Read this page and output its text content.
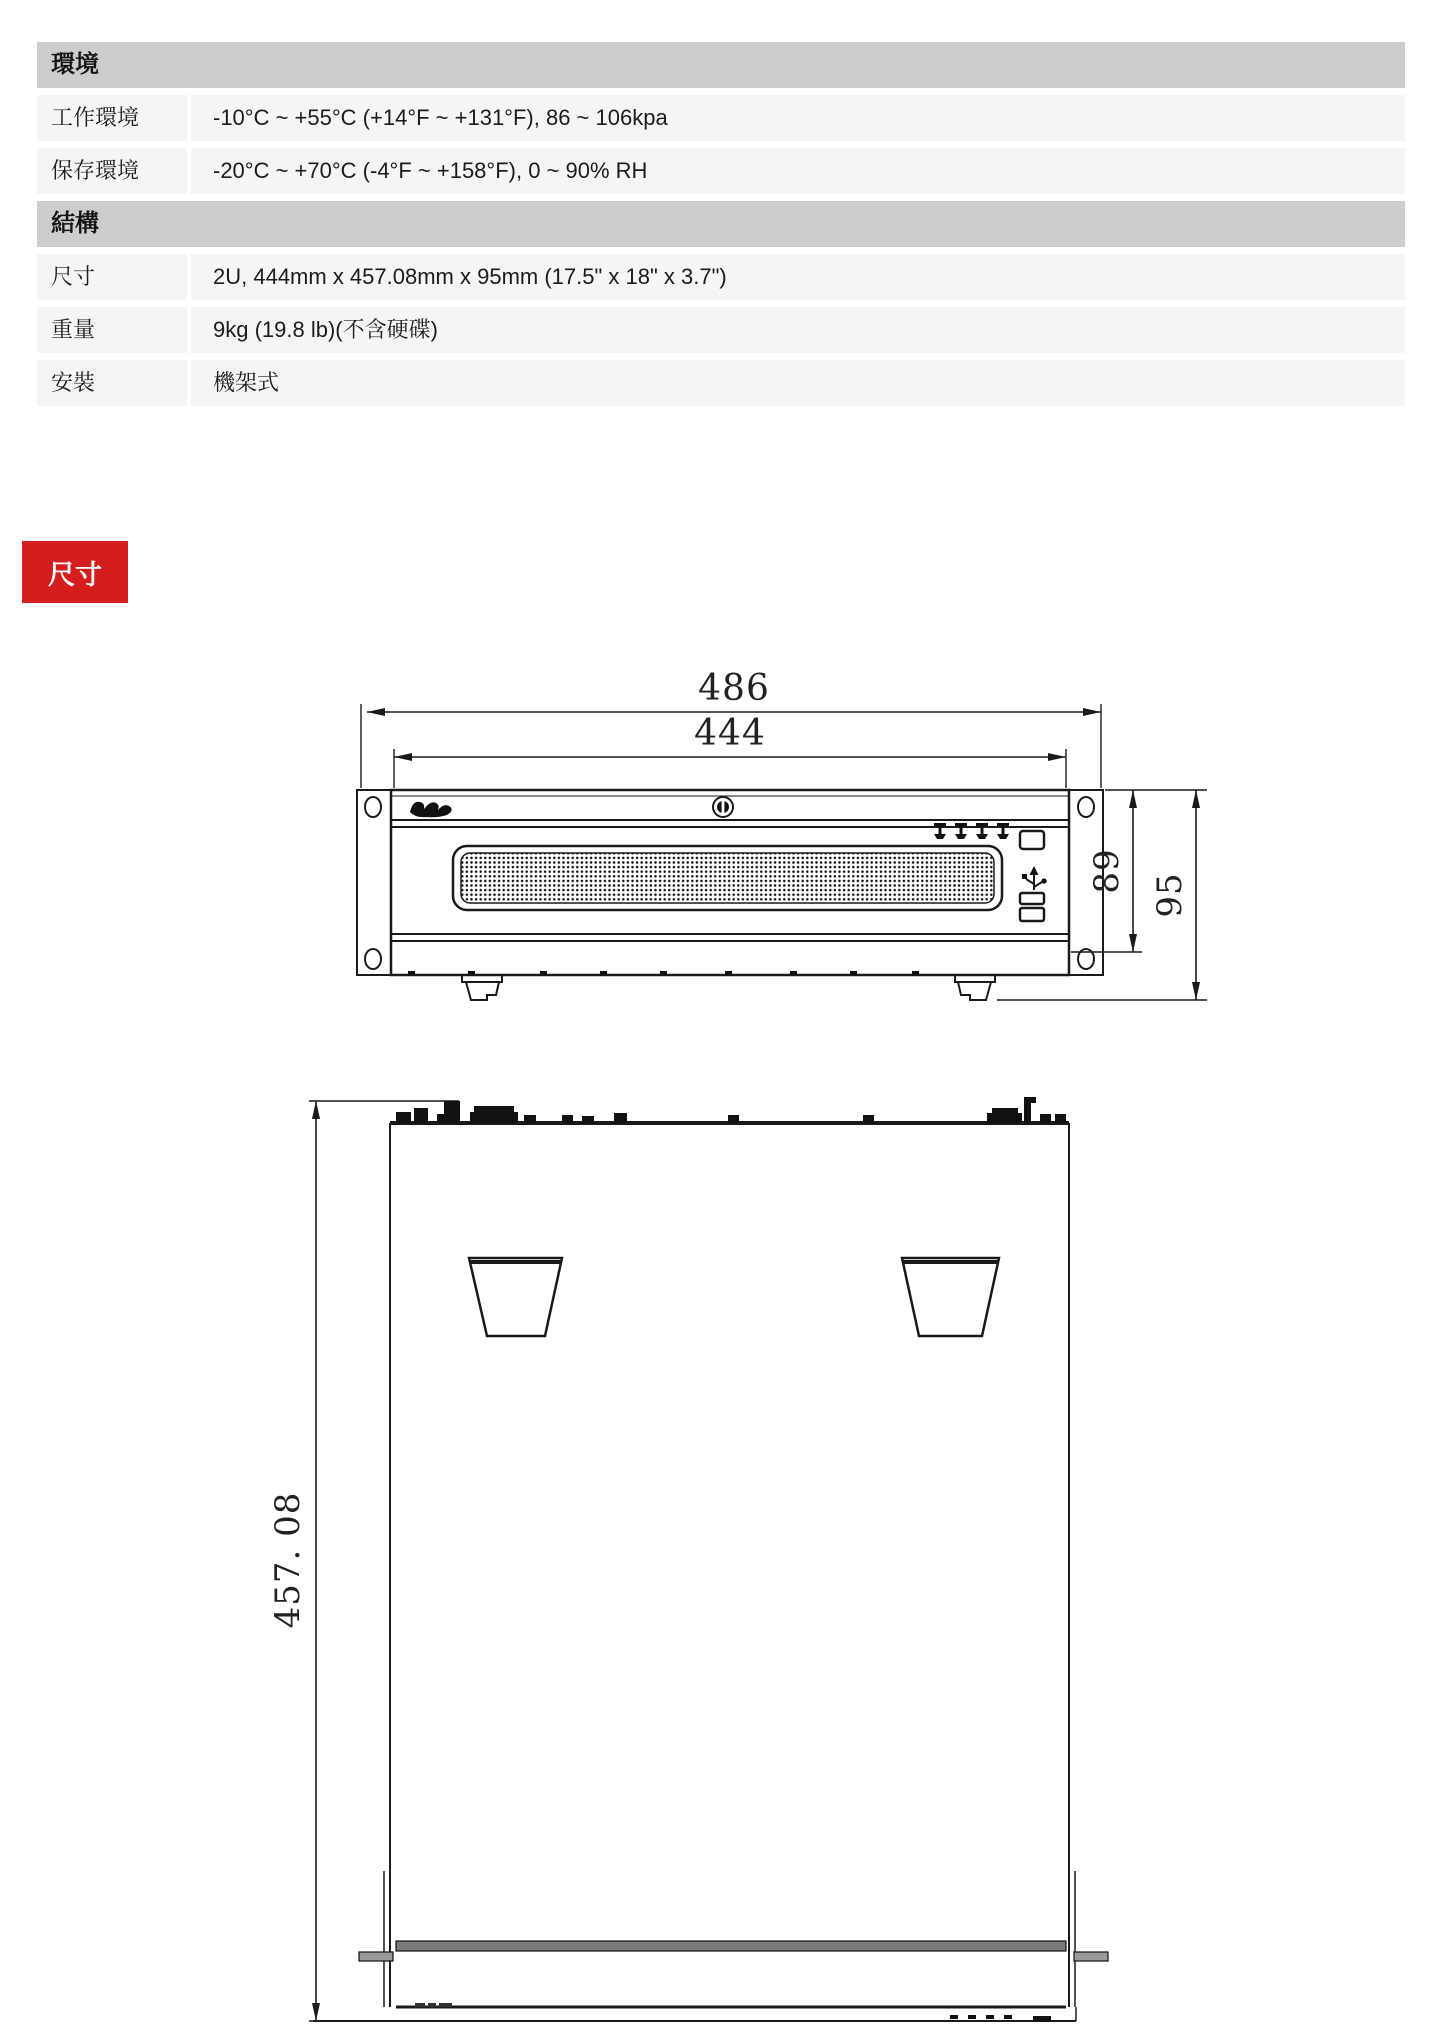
環境
工作環境	-10°C ~ +55°C (+14°F ~ +131°F), 86 ~ 106kpa
保存環境	-20°C ~ +70°C (-4°F ~ +158°F), 0 ~ 90% RH
結構
尺寸	2U, 444mm x 457.08mm x 95mm (17.5" x 18" x 3.7")
重量	9kg (19.8 lb)(不含硬碟)
安裝	機架式
尺寸
486
444
89
95
457. 08
